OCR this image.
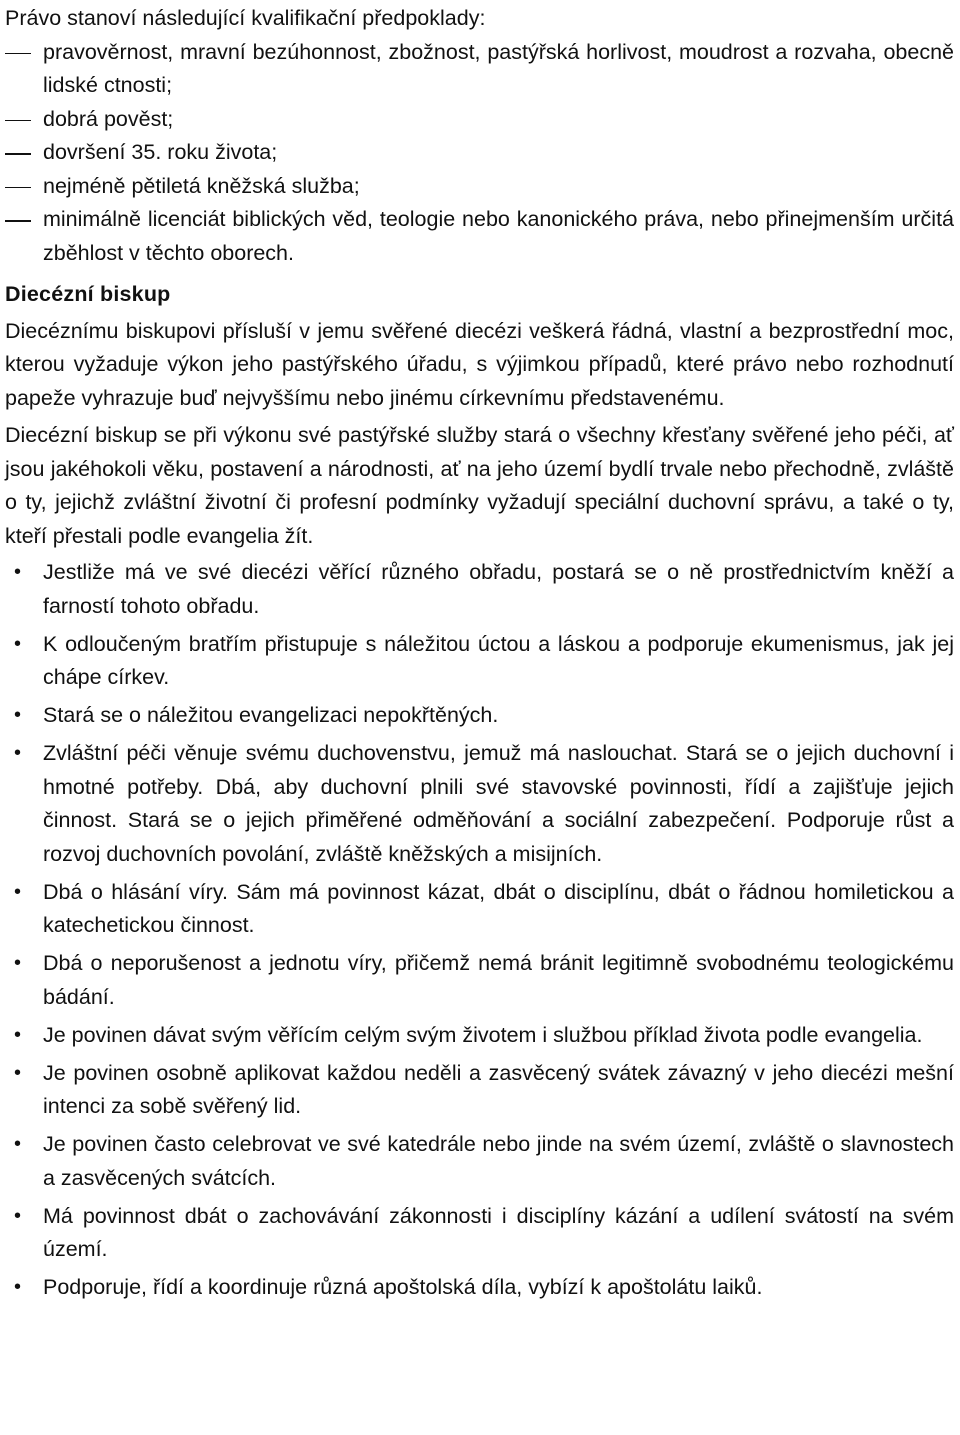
Právo stanoví následující kvalifikační předpoklady:

pravověrnost, mravní bezúhonnost, zbožnost, pastýřská horlivost, moudrost a rozvaha, obecně lidské ctnosti;
dobrá pověst;
dovršení 35. roku života;
nejméně pětiletá kněžská služba;
minimálně licenciát biblických věd, teologie nebo kanonického práva, nebo přinejmenším určitá zběhlost v těchto oborech.

Diecézní biskup

Diecéznímu biskupovi přísluší v jemu svěřené diecézi veškerá řádná, vlastní a bezprostřední moc, kterou vyžaduje výkon jeho pastýřského úřadu, s výjimkou případů, které právo nebo rozhodnutí papeže vyhrazuje buď nejvyššímu nebo jinému církevnímu představenému.

Diecézní biskup se při výkonu své pastýřské služby stará o všechny křesťany svěřené jeho péči, ať jsou jakéhokoli věku, postavení a národnosti, ať na jeho území bydlí trvale nebo přechodně, zvláště o ty, jejichž zvláštní životní či profesní podmínky vyžadují speciální duchovní správu, a také o ty, kteří přestali podle evangelia žít.

• Jestliže má ve své diecézi věřící různého obřadu, postará se o ně prostřednictvím kněží a farností tohoto obřadu.
• K odloučeným bratřím přistupuje s náležitou úctou a láskou a podporuje ekumenismus, jak jej chápe církev.
• Stará se o náležitou evangelizaci nepokřtěných.
• Zvláštní péči věnuje svému duchovenstvu, jemuž má naslouchat. Stará se o jejich duchovní i hmotné potřeby. Dbá, aby duchovní plnili své stavovské povinnosti, řídí a zajišťuje jejich činnost. Stará se o jejich přiměřené odměňování a sociální zabezpečení. Podporuje růst a rozvoj duchovních povolání, zvláště kněžských a misijních.
• Dbá o hlásání víry. Sám má povinnost kázat, dbát o disciplínu, dbát o řádnou homiletickou a katechetickou činnost.
• Dbá o neporušenost a jednotu víry, přičemž nemá bránit legitimně svobodnému teologickému bádání.
• Je povinen dávat svým věřícím celým svým životem i službou příklad života podle evangelia.
• Je povinen osobně aplikovat každou neděli a zasvěcený svátek závazný v jeho diecézi mešní intenci za sobě svěřený lid.
• Je povinen často celebrovat ve své katedrále nebo jinde na svém území, zvláště o slavnostech a zasvěcených svátcích.
• Má povinnost dbát o zachovávání zákonnosti i disciplíny kázání a udílení svátostí na svém území.
• Podporuje, řídí a koordinuje různá apoštolská díla, vybízí k apoštolátu laiků.
